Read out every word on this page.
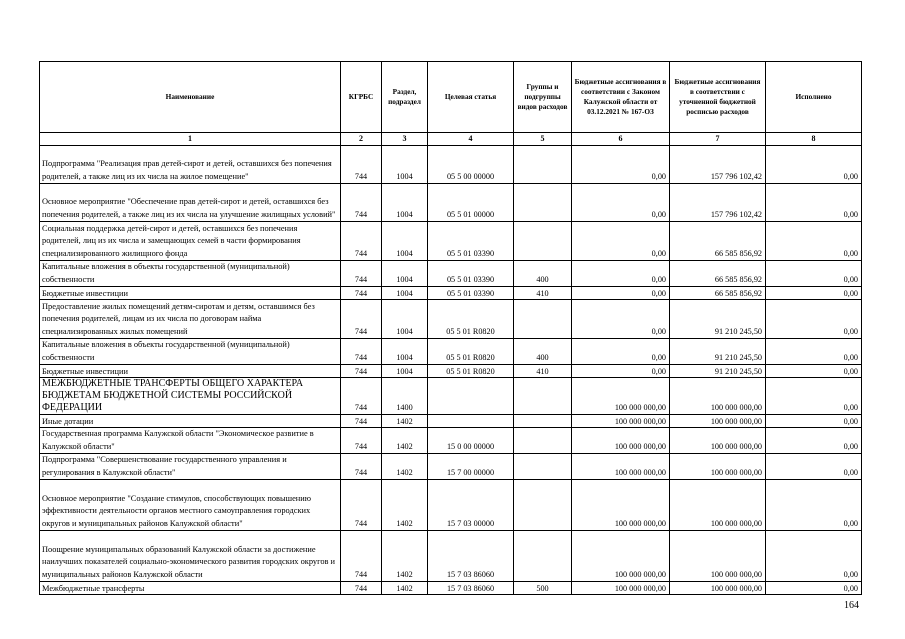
Наименование	КГРБС	Раздел, подраздел	Целевая статья	Группы и подгруппы видов расходов	Бюджетные ассигнования в соответствии с Законом Калужской области от 03.12.2021 № 167-ОЗ	Бюджетные ассигнования в соответствии с уточненной бюджетной росписью расходов	Исполнено
1	2	3	4	5	6	7	8
Подпрограмма "Реализация прав детей-сирот и детей, оставшихся без попечения родителей, а также лиц из их числа на жилое помещение"	744	1004	05 5 00 00000		0,00	157 796 102,42	0,00
Основное мероприятие "Обеспечение прав детей-сирот и детей, оставшихся без попечения родителей, а также лиц из их числа на улучшение жилищных условий"	744	1004	05 5 01 00000		0,00	157 796 102,42	0,00
Социальная поддержка детей-сирот и детей, оставшихся без попечения родителей, лиц из их числа и замещающих семей в части формирования специализированного жилищного фонда	744	1004	05 5 01 03390		0,00	66 585 856,92	0,00
Капитальные вложения в объекты государственной (муниципальной) собственности	744	1004	05 5 01 03390	400	0,00	66 585 856,92	0,00
Бюджетные инвестиции	744	1004	05 5 01 03390	410	0,00	66 585 856,92	0,00
Предоставление жилых помещений детям-сиротам и детям, оставшимся без попечения родителей, лицам из их числа по договорам найма специализированных жилых помещений	744	1004	05 5 01 R0820		0,00	91 210 245,50	0,00
Капитальные вложения в объекты государственной (муниципальной) собственности	744	1004	05 5 01 R0820	400	0,00	91 210 245,50	0,00
Бюджетные инвестиции	744	1004	05 5 01 R0820	410	0,00	91 210 245,50	0,00
МЕЖБЮДЖЕТНЫЕ ТРАНСФЕРТЫ ОБЩЕГО ХАРАКТЕРА БЮДЖЕТАМ БЮДЖЕТНОЙ СИСТЕМЫ РОССИЙСКОЙ ФЕДЕРАЦИИ	744	1400			100 000 000,00	100 000 000,00	0,00
Иные дотации	744	1402			100 000 000,00	100 000 000,00	0,00
Государственная программа Калужской области "Экономическое развитие в Калужской области"	744	1402	15 0 00 00000		100 000 000,00	100 000 000,00	0,00
Подпрограмма "Совершенствование государственного управления и регулирования в Калужской области"	744	1402	15 7 00 00000		100 000 000,00	100 000 000,00	0,00
Основное мероприятие "Создание стимулов, способствующих повышению эффективности деятельности органов местного самоуправления городских округов и муниципальных районов Калужской области"	744	1402	15 7 03 00000		100 000 000,00	100 000 000,00	0,00
Поощрение муниципальных образований Калужской области за достижение наилучших показателей социально-экономического развития городских округов и муниципальных районов Калужской области	744	1402	15 7 03 86060		100 000 000,00	100 000 000,00	0,00
Межбюджетные трансферты	744	1402	15 7 03 86060	500	100 000 000,00	100 000 000,00	0,00
164
